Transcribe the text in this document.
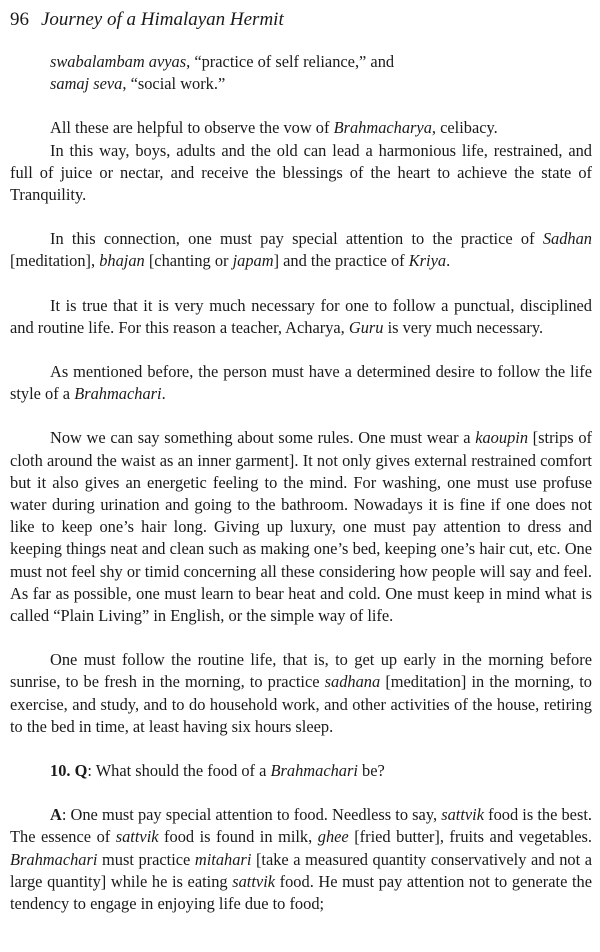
96 Journey of a Himalayan Hermit

swabalambam avyas, “practice of self reliance,” and
samaj seva, “social work.”

All these are helpful to observe the vow of Brahmacharya, celibacy.

In this way, boys, adults and the old can lead a harmonious life, restrained, and full of juice or nectar, and receive the blessings of the heart to achieve the state of Tranquility.

In this connection, one must pay special attention to the practice of Sadhan [meditation], bhajan [chanting or japam] and the practice of Kriya.

It is true that it is very much necessary for one to follow a punctual, disciplined and routine life. For this reason a teacher, Acharya, Guru is very much necessary.

As mentioned before, the person must have a determined desire to follow the life style of a Brahmachari.

Now we can say something about some rules. One must wear a kaoupin [strips of cloth around the waist as an inner garment]. It not only gives external restrained comfort but it also gives an energetic feeling to the mind. For washing, one must use profuse water during urination and going to the bathroom. Nowadays it is fine if one does not like to keep one’s hair long. Giving up luxury, one must pay attention to dress and keeping things neat and clean such as making one’s bed, keeping one’s hair cut, etc. One must not feel shy or timid concerning all these considering how people will say and feel. As far as possible, one must learn to bear heat and cold. One must keep in mind what is called “Plain Living” in English, or the simple way of life.

One must follow the routine life, that is, to get up early in the morning before sunrise, to be fresh in the morning, to practice sadhana [meditation] in the morning, to exercise, and study, and to do household work, and other activities of the house, retiring to the bed in time, at least having six hours sleep.

10. Q: What should the food of a Brahmachari be?

A: One must pay special attention to food. Needless to say, sattvik food is the best. The essence of sattvik food is found in milk, ghee [fried butter], fruits and vegetables. Brahmachari must practice mitahari [take a measured quantity conservatively and not a large quantity] while he is eating sattvik food. He must pay attention not to generate the tendency to engage in enjoying life due to food;
